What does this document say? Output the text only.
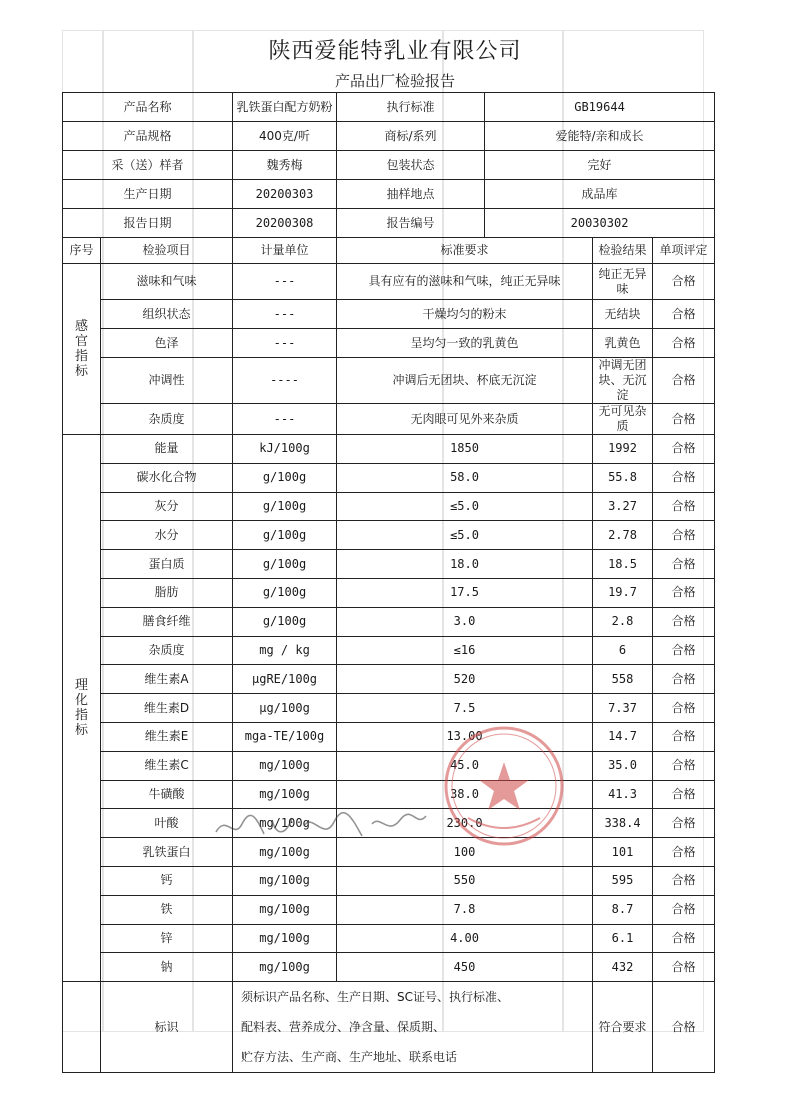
陕西爱能特乳业有限公司
产品出厂检验报告
产品名称		乳铁蛋白配方奶粉	执行标准	GB19644		
产品规格		400克/听	商标/系列	爱能特/亲和成长		
采（送）样者		魏秀梅	包装状态	完好		
生产日期		20200303	抽样地点	成品库		
报告日期		20200308	报告编号	20030302		
序号	检验项目	计量单位	标准要求		检验结果	单项评定

感
官
指
标	滋味和气味	---	具有应有的滋味和气味，纯正无异味		纯正无异味	合格
	组织状态	---	干燥均匀的粉末		无结块	合格
	色泽	---	呈均匀一致的乳黄色		乳黄色	合格
	冲调性	----	冲调后无团块、杯底无沉淀		冲调无团块、无沉淀	合格
	杂质度	---	无肉眼可见外来杂质		无可见杂质	合格

理
化
指
标	能量	kJ/100g	1850		1992	合格
	碳水化合物	g/100g	58.0		55.8	合格
	灰分	g/100g	≤5.0		3.27	合格
	水分	g/100g	≤5.0		2.78	合格
	蛋白质	g/100g	18.0		18.5	合格
	脂肪	g/100g	17.5		19.7	合格
	膳食纤维	g/100g	3.0		2.8	合格
	杂质度	mg / kg	≤16		6	合格
	维生素A	μgRE/100g	520		558	合格
	维生素D	μg/100g	7.5		7.37	合格
	维生素E	mga-TE/100g	13.00		14.7	合格
	维生素C	mg/100g	45.0		35.0	合格
	牛磺酸	mg/100g	38.0		41.3	合格
	叶酸	mg/100g	230.0		338.4	合格
	乳铁蛋白	mg/100g	100		101	合格
	钙	mg/100g	550		595	合格
	铁	mg/100g	7.8		8.7	合格
	锌	mg/100g	4.00		6.1	合格
	钠	mg/100g	450		432	合格
	标识	须标识产品名称、生产日期、SC证号、执行标准、
配料表、营养成分、净含量、保质期、
贮存方法、生产商、生产地址、联系电话			符合要求	合格
